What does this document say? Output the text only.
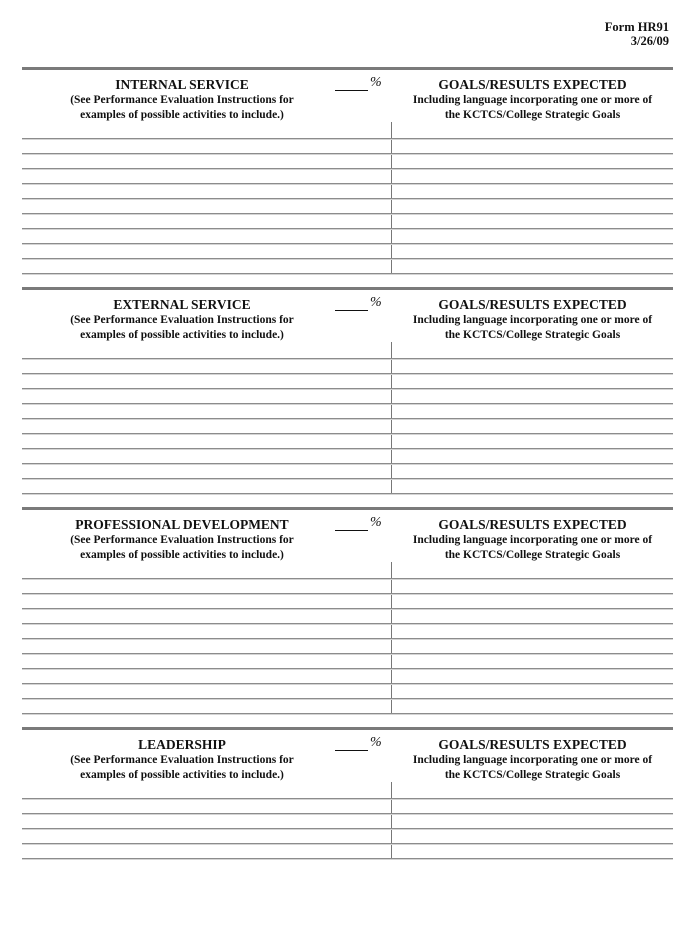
Form HR91
3/26/09
INTERNAL SERVICE
(See Performance Evaluation Instructions for
examples of possible activities to include.)
%	GOALS/RESULTS EXPECTED
Including language incorporating one or more of
the KCTCS/College Strategic Goals
EXTERNAL SERVICE
(See Performance Evaluation Instructions for
examples of possible activities to include.)
%	GOALS/RESULTS EXPECTED
Including language incorporating one or more of
the KCTCS/College Strategic Goals
PROFESSIONAL DEVELOPMENT
(See Performance Evaluation Instructions for
examples of possible activities to include.)
%	GOALS/RESULTS EXPECTED
Including language incorporating one or more of
the KCTCS/College Strategic Goals
LEADERSHIP
(See Performance Evaluation Instructions for
examples of possible activities to include.)
%	GOALS/RESULTS EXPECTED
Including language incorporating one or more of
the KCTCS/College Strategic Goals
